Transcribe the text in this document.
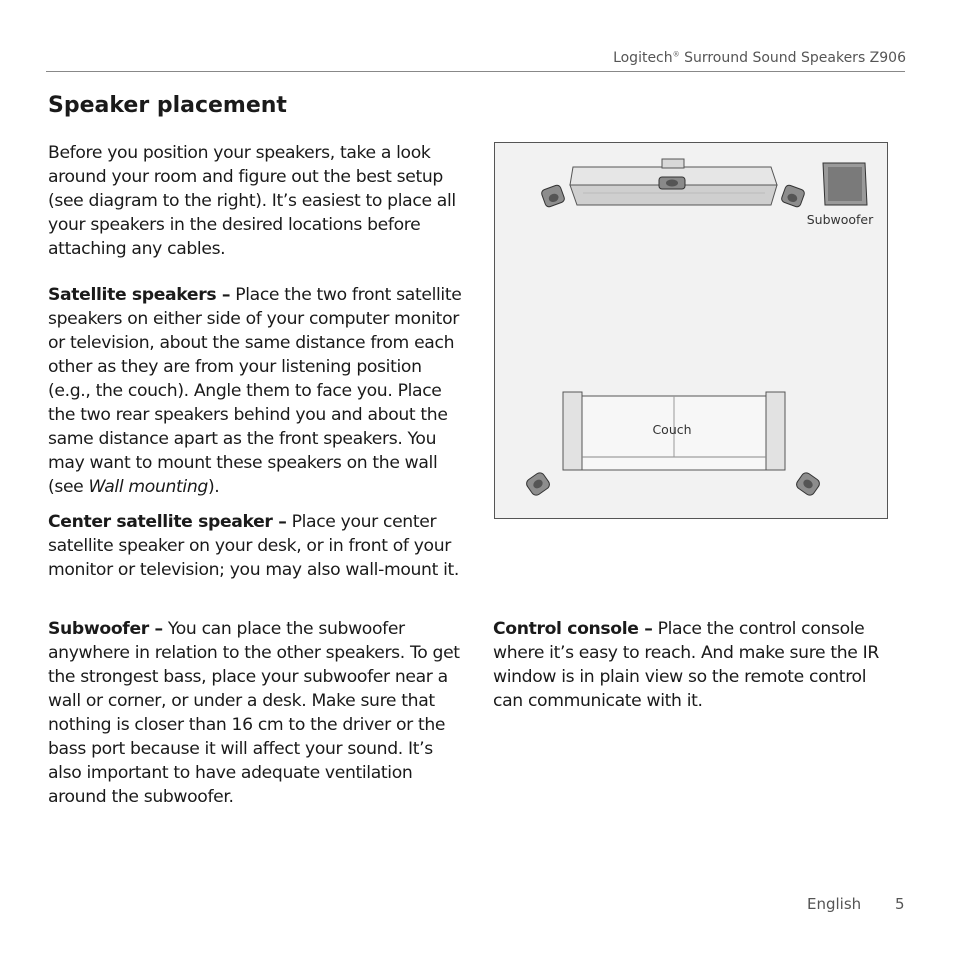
Logitech® Surround Sound Speakers Z906
Speaker placement

Before you position your speakers, take a look around your room and figure out the best setup (see diagram to the right). It’s easiest to place all your speakers in the desired locations before attaching any cables.

Satellite speakers – Place the two front satellite speakers on either side of your computer monitor or television, about the same distance from each other as they are from your listening position (e.g., the couch). Angle them to face you. Place the two rear speakers behind you and about the same distance apart as the front speakers. You may want to mount these speakers on the wall (see Wall mounting).

Center satellite speaker – Place your center satellite speaker on your desk, or in front of your monitor or television; you may also wall-mount it.

Subwoofer – You can place the subwoofer anywhere in relation to the other speakers. To get the strongest bass, place your subwoofer near a wall or corner, or under a desk. Make sure that nothing is closer than 16 cm to the driver or the bass port because it will affect your sound. It’s also important to have adequate ventilation around the subwoofer.

Control console – Place the control console where it’s easy to reach. And make sure the IR window is in plain view so the remote control can communicate with it.

Subwoofer
Couch
English 5
